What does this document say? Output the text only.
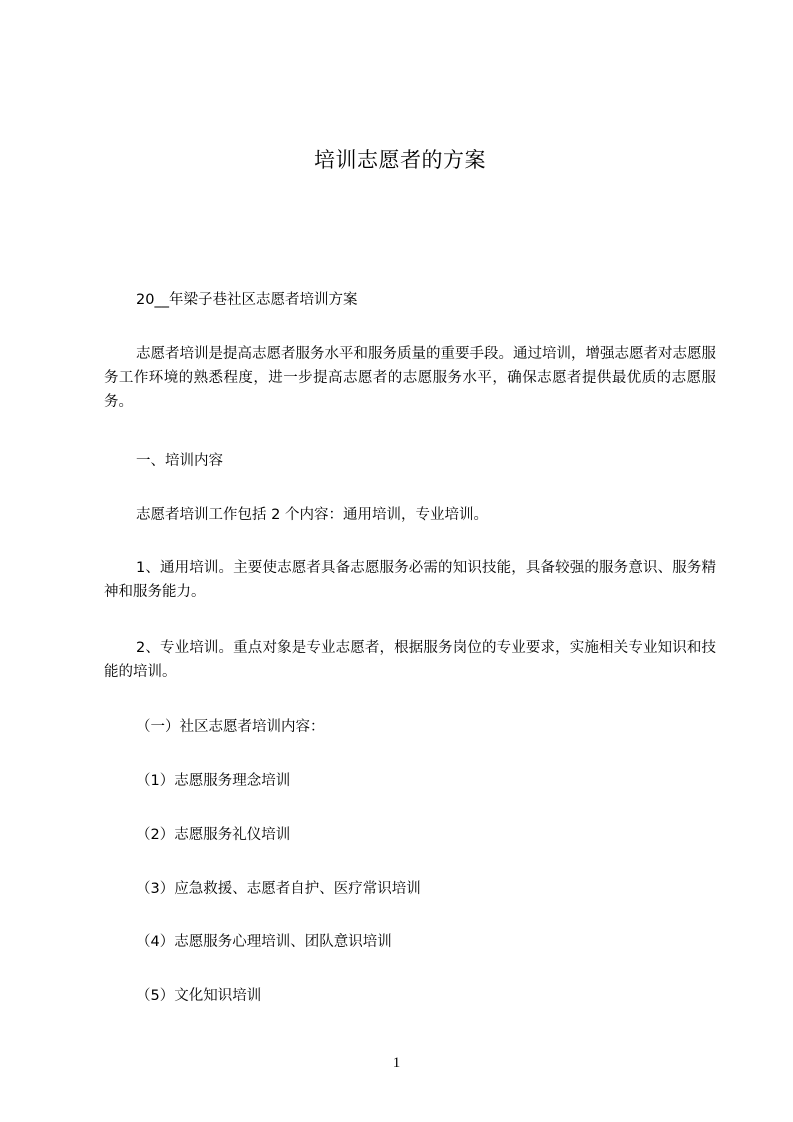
培训志愿者的方案
20__年梁子巷社区志愿者培训方案
志愿者培训是提高志愿者服务水平和服务质量的重要手段。通过培训，增强志愿者对志愿服务工作环境的熟悉程度，进一步提高志愿者的志愿服务水平，确保志愿者提供最优质的志愿服务。
一、培训内容
志愿者培训工作包括 2 个内容：通用培训，专业培训。
1、通用培训。主要使志愿者具备志愿服务必需的知识技能，具备较强的服务意识、服务精神和服务能力。
2、专业培训。重点对象是专业志愿者，根据服务岗位的专业要求，实施相关专业知识和技能的培训。
（一）社区志愿者培训内容：
（1）志愿服务理念培训
（2）志愿服务礼仪培训
（3）应急救援、志愿者自护、医疗常识培训
（4）志愿服务心理培训、团队意识培训
（5）文化知识培训
1
